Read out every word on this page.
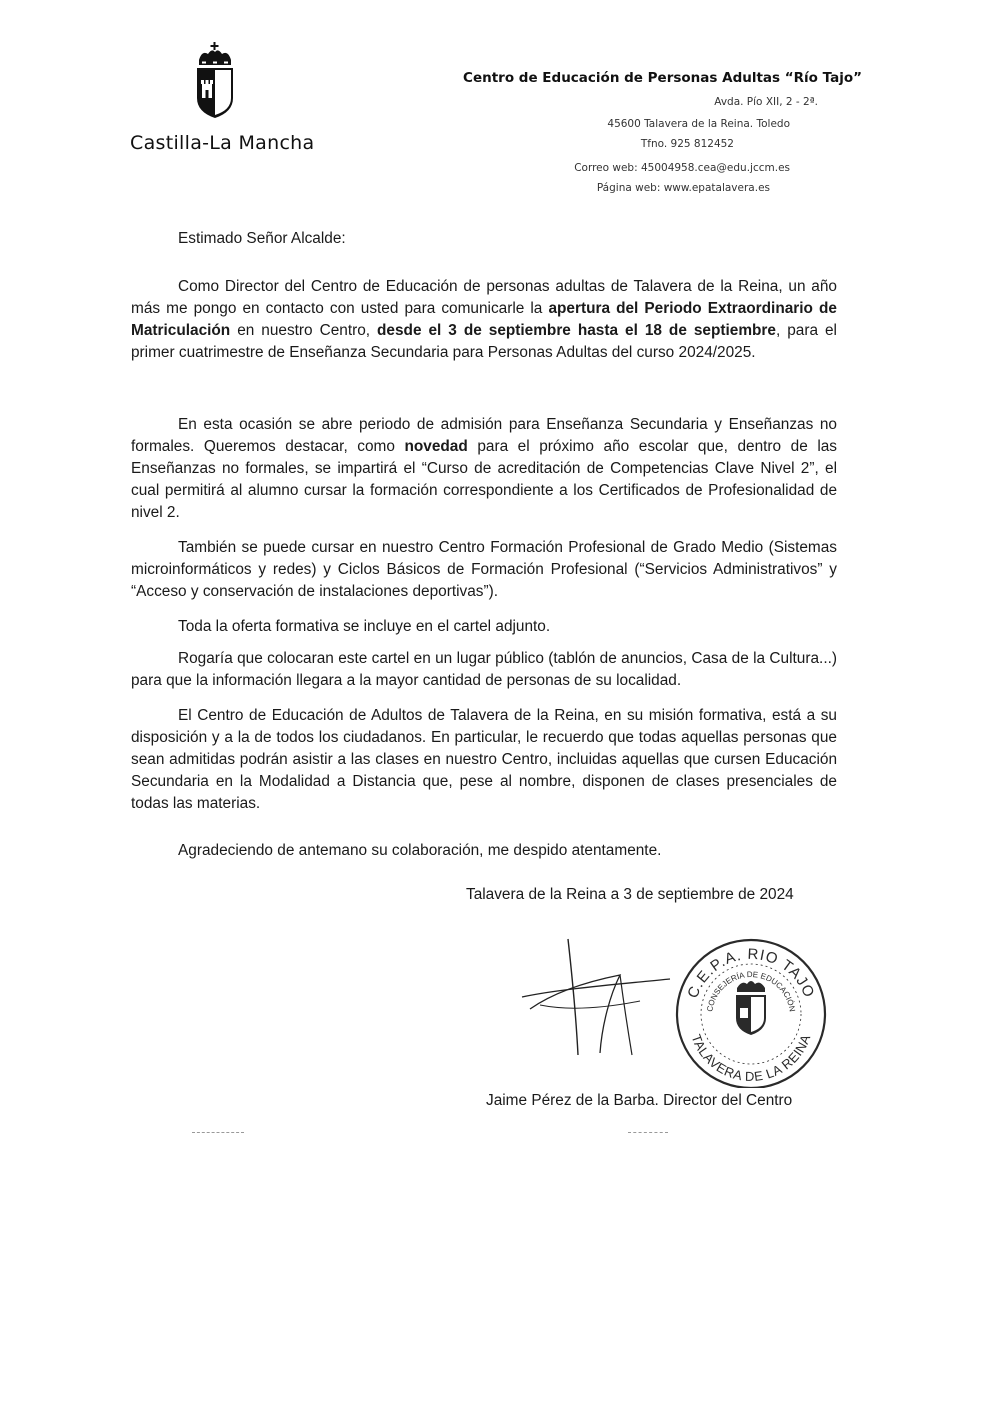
Castilla-La Mancha
Centro de Educación de Personas Adultas “Río Tajo”
Avda. Pío XII, 2 - 2ª.
45600 Talavera de la Reina. Toledo
Tfno. 925 812452
Correo web: 45004958.cea@edu.jccm.es
Página web: www.epatalavera.es
Estimado Señor Alcalde:

Como Director del Centro de Educación de personas adultas de Talavera de la Reina, un año más me pongo en contacto con usted para comunicarle la apertura del Periodo Extraordinario de Matriculación en nuestro Centro, desde el 3 de septiembre hasta el 18 de septiembre, para el primer cuatrimestre de Enseñanza Secundaria para Personas Adultas del curso 2024/2025.

En esta ocasión se abre periodo de admisión para Enseñanza Secundaria y Enseñanzas no formales. Queremos destacar, como novedad para el próximo año escolar que, dentro de las Enseñanzas no formales, se impartirá el “Curso de acreditación de Competencias Clave Nivel 2”, el cual permitirá al alumno cursar la formación correspondiente a los Certificados de Profesionalidad de nivel 2.

También se puede cursar en nuestro Centro Formación Profesional de Grado Medio (Sistemas microinformáticos y redes) y Ciclos Básicos de Formación Profesional (“Servicios Administrativos” y “Acceso y conservación de instalaciones deportivas”).

Toda la oferta formativa se incluye en el cartel adjunto.

Rogaría que colocaran este cartel en un lugar público (tablón de anuncios, Casa de la Cultura...) para que la información llegara a la mayor cantidad de personas de su localidad.

El Centro de Educación de Adultos de Talavera de la Reina, en su misión formativa, está a su disposición y a la de todos los ciudadanos. En particular, le recuerdo que todas aquellas personas que sean admitidas podrán asistir a las clases en nuestro Centro, incluidas aquellas que cursen Educación Secundaria en la Modalidad a Distancia que, pese al nombre, disponen de clases presenciales de todas las materias.

Agradeciendo de antemano su colaboración, me despido atentamente.

Talavera de la Reina a 3 de septiembre de 2024
C.E.P.A. RIO TAJO
CONSEJERÍA DE EDUCACIÓN
TALAVERA DE LA REINA
Jaime Pérez de la Barba. Director del Centro
